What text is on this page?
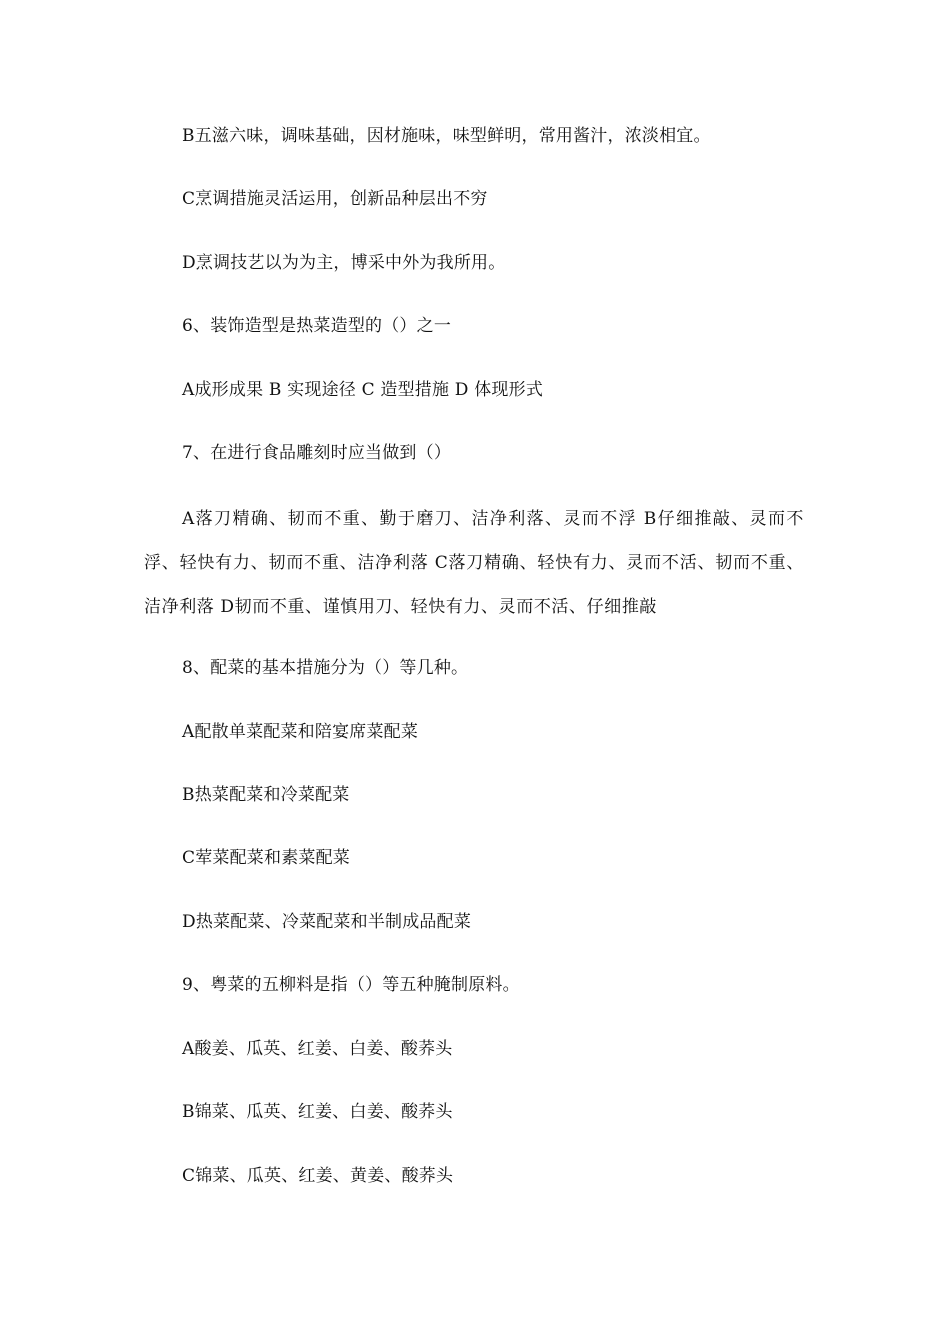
B五滋六味，调味基础，因材施味，味型鲜明，常用酱汁，浓淡相宜。
C烹调措施灵活运用，创新品种层出不穷
D烹调技艺以为为主，博采中外为我所用。
6、装饰造型是热菜造型的（）之一
A成形成果 B 实现途径 C 造型措施 D 体现形式
7、在进行食品雕刻时应当做到（）
A落刀精确、韧而不重、勤于磨刀、洁净利落、灵而不浮 B仔细推敲、灵而不浮、轻快有力、韧而不重、洁净利落 C落刀精确、轻快有力、灵而不活、韧而不重、洁净利落 D韧而不重、谨慎用刀、轻快有力、灵而不活、仔细推敲
8、配菜的基本措施分为（）等几种。
A配散单菜配菜和陪宴席菜配菜
B热菜配菜和冷菜配菜
C荤菜配菜和素菜配菜
D热菜配菜、冷菜配菜和半制成品配菜
9、粤菜的五柳料是指（）等五种腌制原料。
A酸姜、瓜英、红姜、白姜、酸荞头
B锦菜、瓜英、红姜、白姜、酸荞头
C锦菜、瓜英、红姜、黄姜、酸荞头
